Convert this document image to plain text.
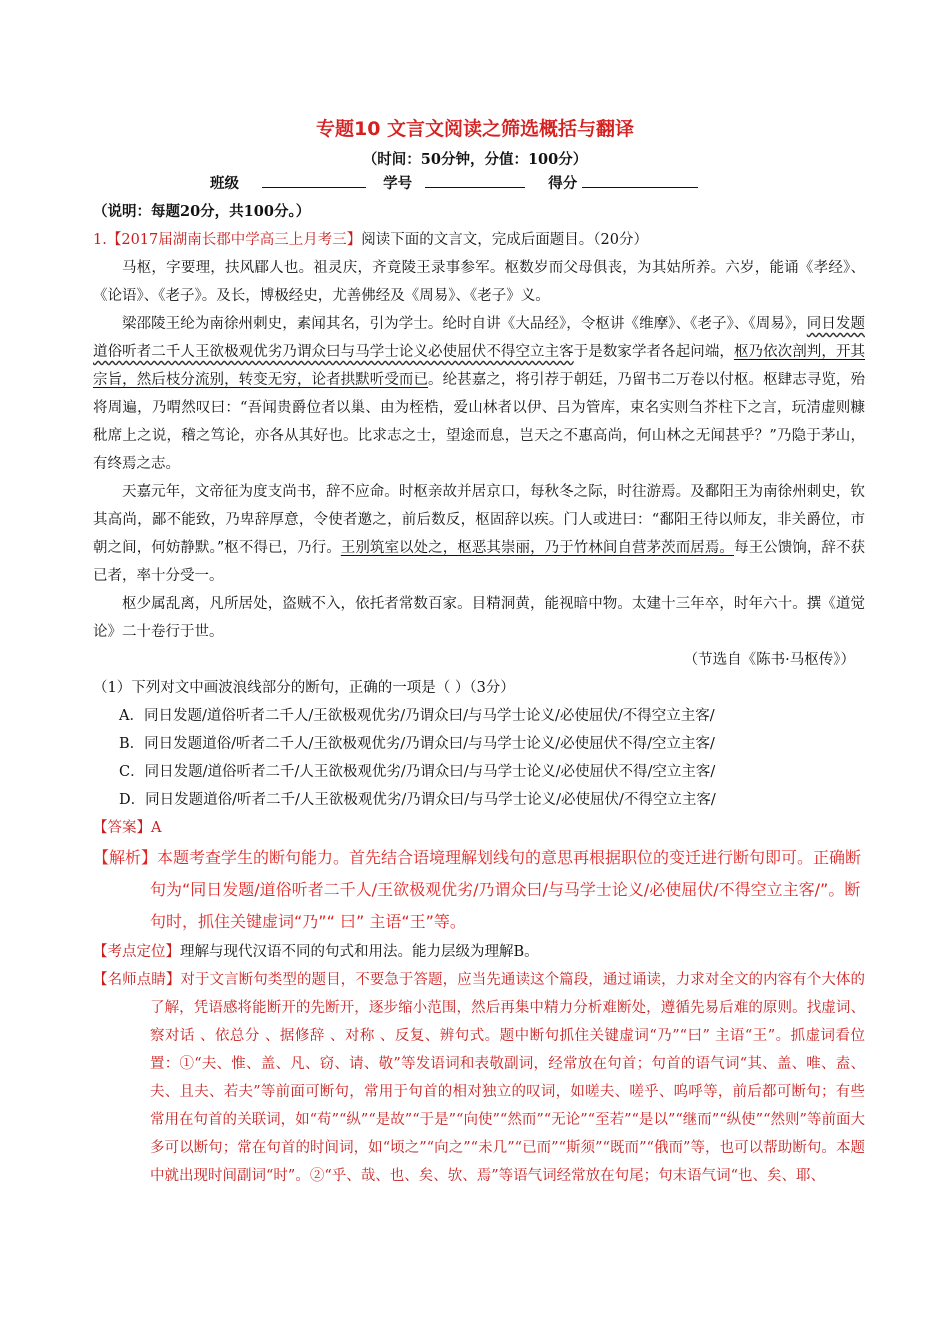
专题10 文言文阅读之筛选概括与翻译
（时间：50分钟，分值：100分）
班级	学号	得分
（说明：每题20分，共100分。）

1.【2017届湖南长郡中学高三上月考三】阅读下面的文言文，完成后面题目。（20分）

马枢，字要理，扶风郿人也。祖灵庆，齐竟陵王录事参军。枢数岁而父母俱丧，为其姑所养。六岁，能诵《孝经》、《论语》、《老子》。及长，博极经史，尤善佛经及《周易》、《老子》义。

梁邵陵王纶为南徐州刺史，素闻其名，引为学士。纶时自讲《大品经》，令枢讲《维摩》、《老子》、《周易》，同日发题道俗听者二千人王欲极观优劣乃谓众曰与马学士论义必使屈伏不得空立主客于是数家学者各起问端，枢乃依次剖判，开其宗旨，然后枝分流别，转变无穷，论者拱默听受而已。纶甚嘉之，将引荐于朝廷，乃留书二万卷以付枢。枢肆志寻览，殆将周遍，乃喟然叹曰：“吾闻贵爵位者以巢、由为桎梏，爱山林者以伊、吕为管库，束名实则刍芥柱下之言，玩清虚则糠秕席上之说，稽之笃论，亦各从其好也。比求志之士，望途而息，岂天之不惠高尚，何山林之无闻甚乎？”乃隐于茅山，有终焉之志。

天嘉元年，文帝征为度支尚书，辞不应命。时枢亲故并居京口，每秋冬之际，时往游焉。及鄱阳王为南徐州刺史，钦其高尚，鄙不能致，乃卑辞厚意，令使者邀之，前后数反，枢固辞以疾。门人或进曰：“鄱阳王待以师友，非关爵位，市朝之间，何妨静默。”枢不得已，乃行。王别筑室以处之，枢恶其崇丽，乃于竹林间自营茅茨而居焉。每王公馈饷，辞不获已者，率十分受一。

枢少属乱离，凡所居处，盗贼不入，依托者常数百家。目精洞黄，能视暗中物。太建十三年卒，时年六十。撰《道觉论》二十卷行于世。

（节选自《陈书·马枢传》）

（1）下列对文中画波浪线部分的断句，正确的一项是（ ）（3分）

A．同日发题/道俗听者二千人/王欲极观优劣/乃谓众曰/与马学士论义/必使屈伏/不得空立主客/

B．同日发题道俗/听者二千人/王欲极观优劣/乃谓众曰/与马学士论义/必使屈伏不得/空立主客/

C．同日发题/道俗听者二千/人王欲极观优劣/乃谓众曰/与马学士论义/必使屈伏不得/空立主客/

D．同日发题道俗/听者二千/人王欲极观优劣/乃谓众曰/与马学士论义/必使屈伏/不得空立主客/

【答案】A

【解析】本题考查学生的断句能力。首先结合语境理解划线句的意思再根据职位的变迁进行断句即可。正确断句为“同日发题/道俗听者二千人/王欲极观优劣/乃谓众曰/与马学士论义/必使屈伏/不得空立主客/”。断句时，抓住关键虚词“乃”“ 曰” 主语“王”等。

【考点定位】理解与现代汉语不同的句式和用法。能力层级为理解B。

【名师点睛】对于文言断句类型的题目，不要急于答题，应当先通读这个篇段，通过诵读，力求对全文的内容有个大体的了解，凭语感将能断开的先断开，逐步缩小范围，然后再集中精力分析难断处，遵循先易后难的原则。找虚词、察对话 、依总分 、据修辞 、对称 、反复、辨句式。题中断句抓住关键虚词“乃”“曰” 主语“王”。抓虚词看位置：①“夫、惟、盖、凡、窃、请、敬”等发语词和表敬副词，经常放在句首；句首的语气词“其、盖、唯、盍、夫、且夫、若夫”等前面可断句，常用于句首的相对独立的叹词，如嗟夫、嗟乎、呜呼等，前后都可断句；有些常用在句首的关联词，如“苟”“纵”“是故”“于是”“向使”“然而”“无论”“至若”“是以”“继而”“纵使”“然则”等前面大多可以断句；常在句首的时间词，如“顷之”“向之”“未几”“已而”“斯须”“既而”“俄而”等，也可以帮助断句。本题中就出现时间副词“时”。②“乎、哉、也、矣、欤、焉”等语气词经常放在句尾；句末语气词“也、矣、耶、
